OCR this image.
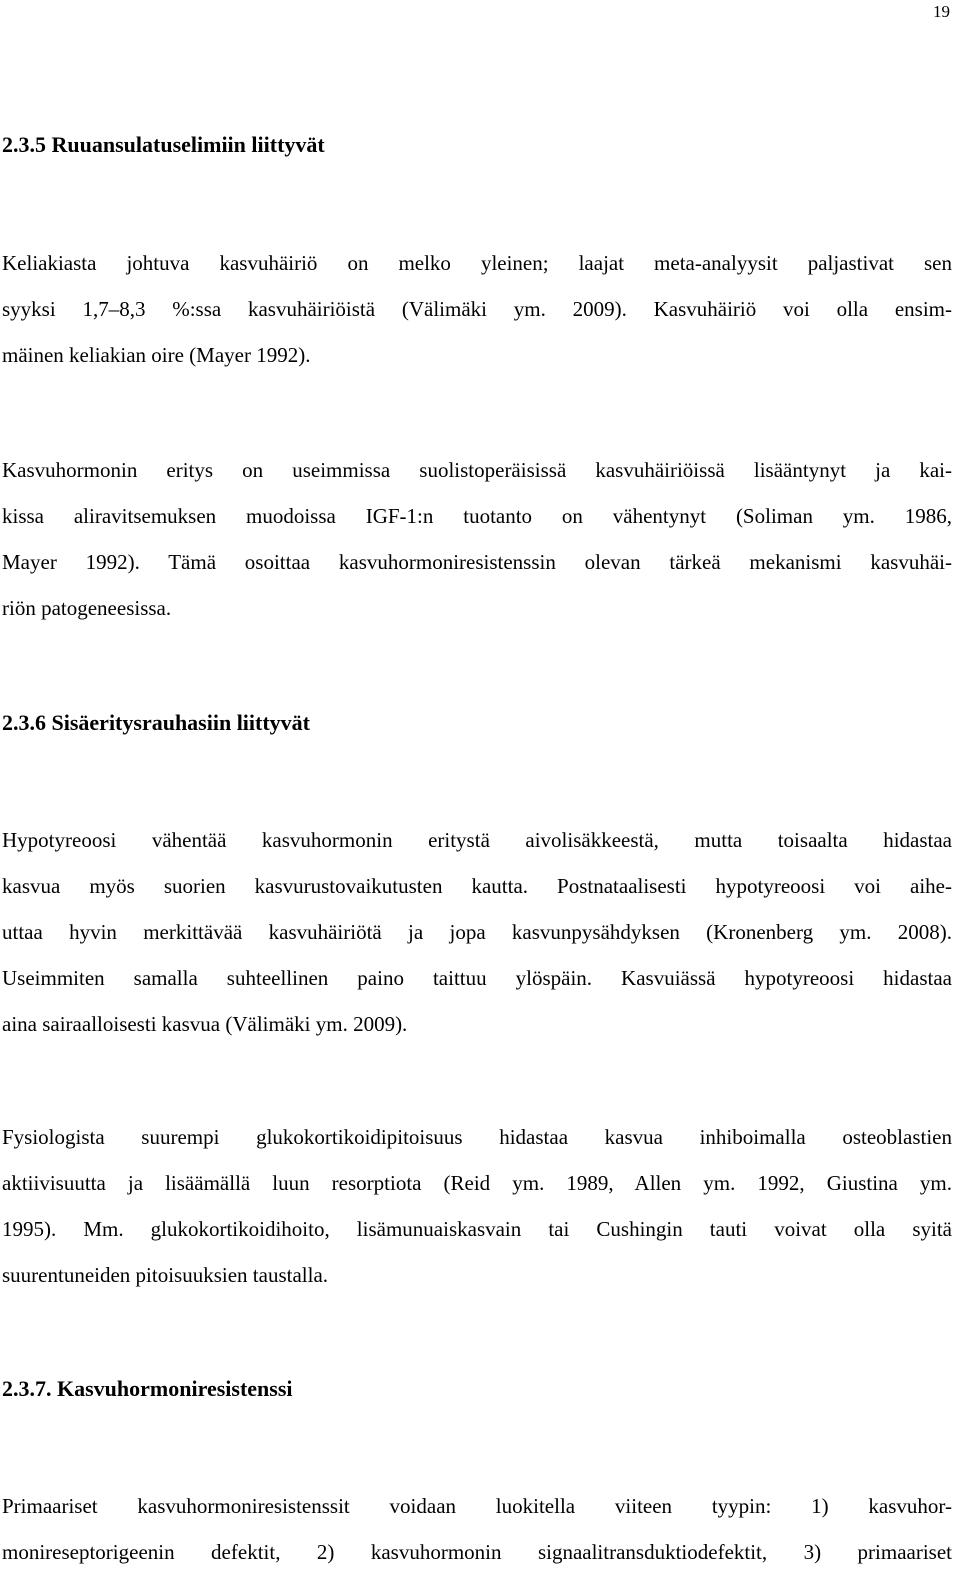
19
2.3.5 Ruuansulatuselimiin liittyvät

Keliakiasta johtuva kasvuhäiriö on melko yleinen; laajat meta-analyysit paljastivat sen
syyksi 1,7–8,3 %:ssa kasvuhäiriöistä (Välimäki ym. 2009). Kasvuhäiriö voi olla ensim-
mäinen keliakian oire (Mayer 1992).

Kasvuhormonin eritys on useimmissa suolistoperäisissä kasvuhäiriöissä lisääntynyt ja kai-
kissa aliravitsemuksen muodoissa IGF-1:n tuotanto on vähentynyt (Soliman ym. 1986,
Mayer 1992). Tämä osoittaa kasvuhormoniresistenssin olevan tärkeä mekanismi kasvuhäi-
riön patogeneesissa.

2.3.6 Sisäeritysrauhasiin liittyvät

Hypotyreoosi vähentää kasvuhormonin eritystä aivolisäkkeestä, mutta toisaalta hidastaa
kasvua myös suorien kasvurustovaikutusten kautta. Postnataalisesti hypotyreoosi voi aihe-
uttaa hyvin merkittävää kasvuhäiriötä ja jopa kasvunpysähdyksen (Kronenberg ym. 2008).
Useimmiten samalla suhteellinen paino taittuu ylöspäin. Kasvuiässä hypotyreoosi hidastaa
aina sairaalloisesti kasvua (Välimäki ym. 2009).

Fysiologista suurempi glukokortikoidipitoisuus hidastaa kasvua inhiboimalla osteoblastien
aktiivisuutta ja lisäämällä luun resorptiota (Reid ym. 1989, Allen ym. 1992, Giustina ym.
1995). Mm. glukokortikoidihoito, lisämunuaiskasvain tai Cushingin tauti voivat olla syitä
suurentuneiden pitoisuuksien taustalla.

2.3.7. Kasvuhormoniresistenssi

Primaariset kasvuhormoniresistenssit voidaan luokitella viiteen tyypin: 1) kasvuhor-
monireseptorigeenin defektit, 2) kasvuhormonin signaalitransduktiodefektit, 3) primaariset
